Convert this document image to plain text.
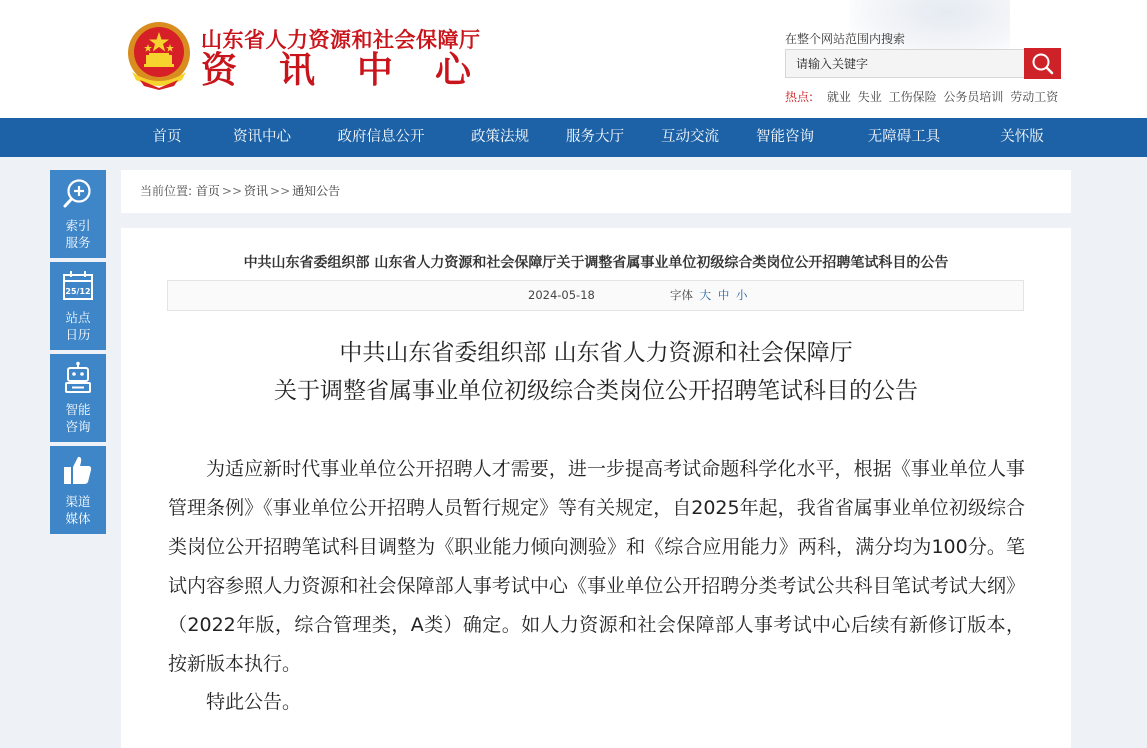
山东省人力资源和社会保障厅
资 讯 中 心
在整个网站范围内搜索
请输入关键字
热点: 就业 失业 工伤保险 公务员培训 劳动工资
首页	资讯中心	政府信息公开	政策法规	服务大厅	互动交流	智能咨询	无障碍工具	关怀版
索引
服务
25/12
站点
日历
智能
咨询
渠道
媒体
当前位置: 首页 >> 资讯 >> 通知公告
中共山东省委组织部 山东省人力资源和社会保障厅关于调整省属事业单位初级综合类岗位公开招聘笔试科目的公告
2024-05-18	字体 大 中 小
中共山东省委组织部 山东省人力资源和社会保障厅
关于调整省属事业单位初级综合类岗位公开招聘笔试科目的公告
为适应新时代事业单位公开招聘人才需要，进一步提高考试命题科学化水平，根据《事业单位人事管理条例》《事业单位公开招聘人员暂行规定》等有关规定，自2025年起，我省省属事业单位初级综合类岗位公开招聘笔试科目调整为《职业能力倾向测验》和《综合应用能力》两科，满分均为100分。笔试内容参照人力资源和社会保障部人事考试中心《事业单位公开招聘分类考试公共科目笔试考试大纲》（2022年版，综合管理类，A类）确定。如人力资源和社会保障部人事考试中心后续有新修订版本，按新版本执行。
特此公告。
